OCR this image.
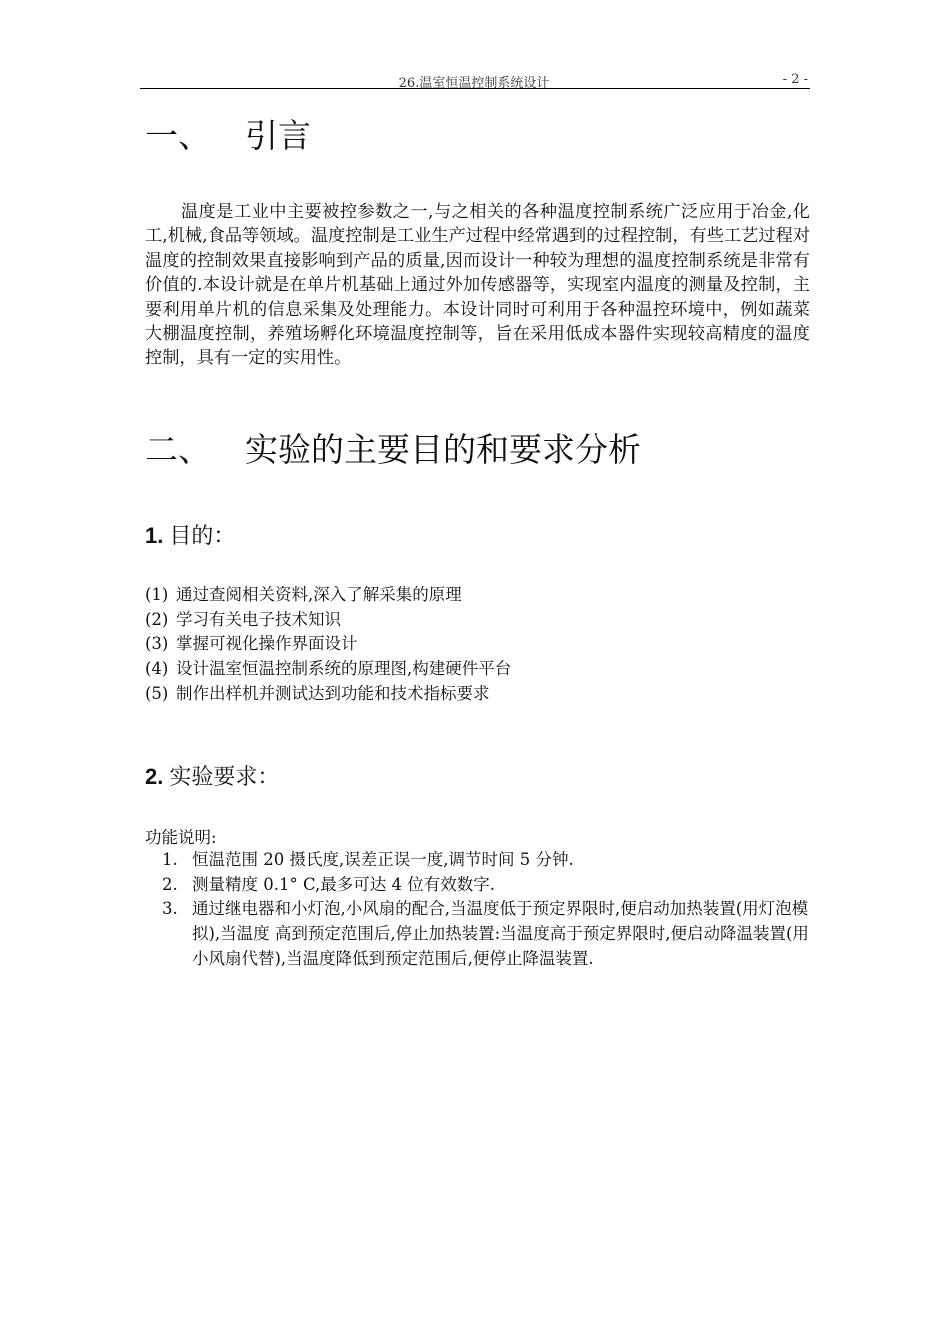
26.温室恒温控制系统设计	- 2 -
一、 引言

温度是工业中主要被控参数之一,与之相关的各种温度控制系统广泛应用于冶金,化工,机械,食品等领域。温度控制是工业生产过程中经常遇到的过程控制，有些工艺过程对温度的控制效果直接影响到产品的质量,因而设计一种较为理想的温度控制系统是非常有价值的.本设计就是在单片机基础上通过外加传感器等，实现室内温度的测量及控制，主要利用单片机的信息采集及处理能力。本设计同时可利用于各种温控环境中，例如蔬菜大棚温度控制，养殖场孵化环境温度控制等，旨在采用低成本器件实现较高精度的温度控制，具有一定的实用性。

二、 实验的主要目的和要求分析
1. 目的：
(1) 通过查阅相关资料,深入了解采集的原理
(2) 学习有关电子技术知识
(3) 掌握可视化操作界面设计
(4) 设计温室恒温控制系统的原理图,构建硬件平台
(5) 制作出样机并测试达到功能和技术指标要求
2. 实验要求：

功能说明:

1. 恒温范围 20 摄氏度,误差正误一度,调节时间 5 分钟.
2. 测量精度 0.1° C,最多可达 4 位有效数字.
3. 通过继电器和小灯泡,小风扇的配合,当温度低于预定界限时,便启动加热装置(用灯泡模拟),当温度 高到预定范围后,停止加热装置:当温度高于预定界限时,便启动降温装置(用小风扇代替),当温度降低到预定范围后,便停止降温装置.
